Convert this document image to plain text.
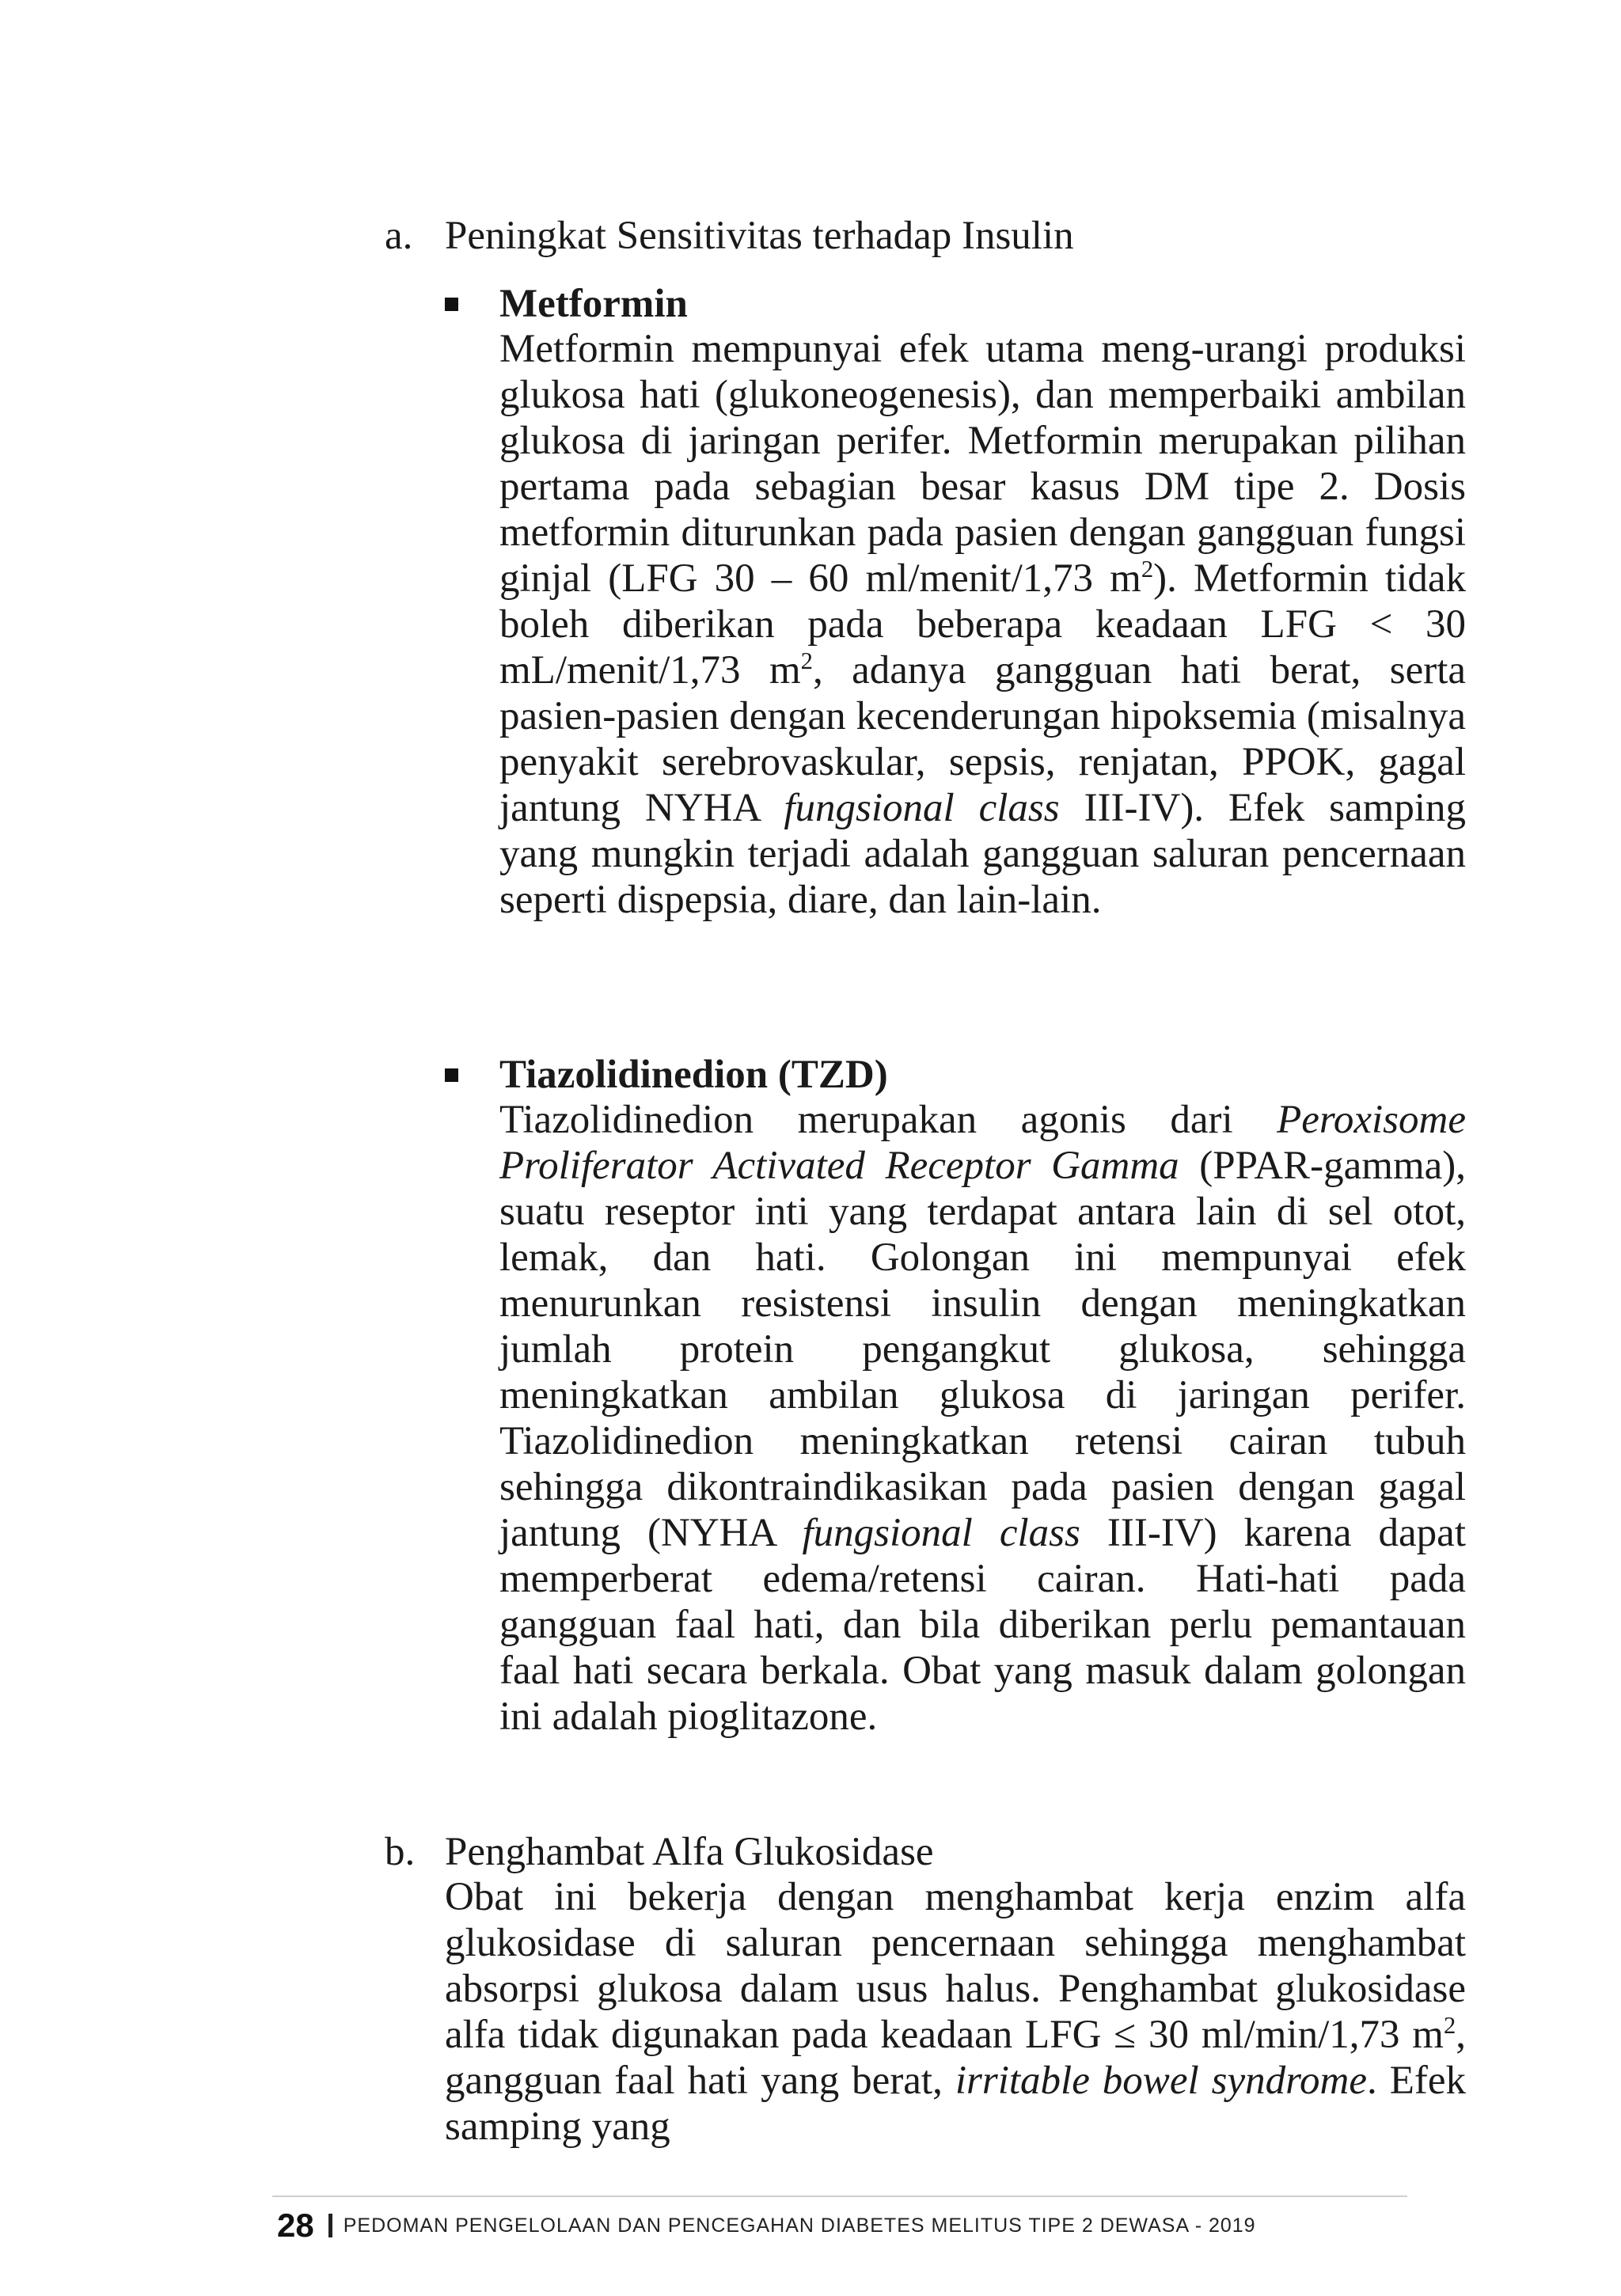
a. Peningkat Sensitivitas terhadap Insulin
Metformin
Metformin mempunyai efek utama meng-urangi produksi glukosa hati (glukoneogenesis), dan memperbaiki ambilan glukosa di jaringan perifer. Metformin merupakan pilihan pertama pada sebagian besar kasus DM tipe 2. Dosis metformin diturunkan pada pasien dengan gangguan fungsi ginjal (LFG 30 – 60 ml/menit/1,73 $m^2$). Metformin tidak boleh diberikan pada beberapa keadaan LFG < 30 mL/menit/1,73 $m^2$, adanya gangguan hati berat, serta pasien-pasien dengan kecenderungan hipoksemia (misalnya penyakit serebrovaskular, sepsis, renjatan, PPOK, gagal jantung NYHA fungsional class III-IV). Efek samping yang mungkin terjadi adalah gangguan saluran pencernaan seperti dispepsia, diare, dan lain-lain.
Tiazolidinedion (TZD)
Tiazolidinedion merupakan agonis dari Peroxisome Proliferator Activated Receptor Gamma (PPAR-gamma), suatu reseptor inti yang terdapat antara lain di sel otot, lemak, dan hati. Golongan ini mempunyai efek menurunkan resistensi insulin dengan meningkatkan jumlah protein pengangkut glukosa, sehingga meningkatkan ambilan glukosa di jaringan perifer. Tiazolidinedion meningkatkan retensi cairan tubuh sehingga dikontraindikasikan pada pasien dengan gagal jantung (NYHA fungsional class III-IV) karena dapat memperberat edema/retensi cairan. Hati-hati pada gangguan faal hati, dan bila diberikan perlu pemantauan faal hati secara berkala. Obat yang masuk dalam golongan ini adalah pioglitazone.
b. Penghambat Alfa Glukosidase
Obat ini bekerja dengan menghambat kerja enzim alfa glukosidase di saluran pencernaan sehingga menghambat absorpsi glukosa dalam usus halus. Penghambat glukosidase alfa tidak digunakan pada keadaan LFG ≤ 30 ml/min/1,73 $m^2$, gangguan faal hati yang berat, irritable bowel syndrome. Efek samping yang
28 PEDOMAN PENGELOLAAN DAN PENCEGAHAN DIABETES MELITUS TIPE 2 DEWASA - 2019
